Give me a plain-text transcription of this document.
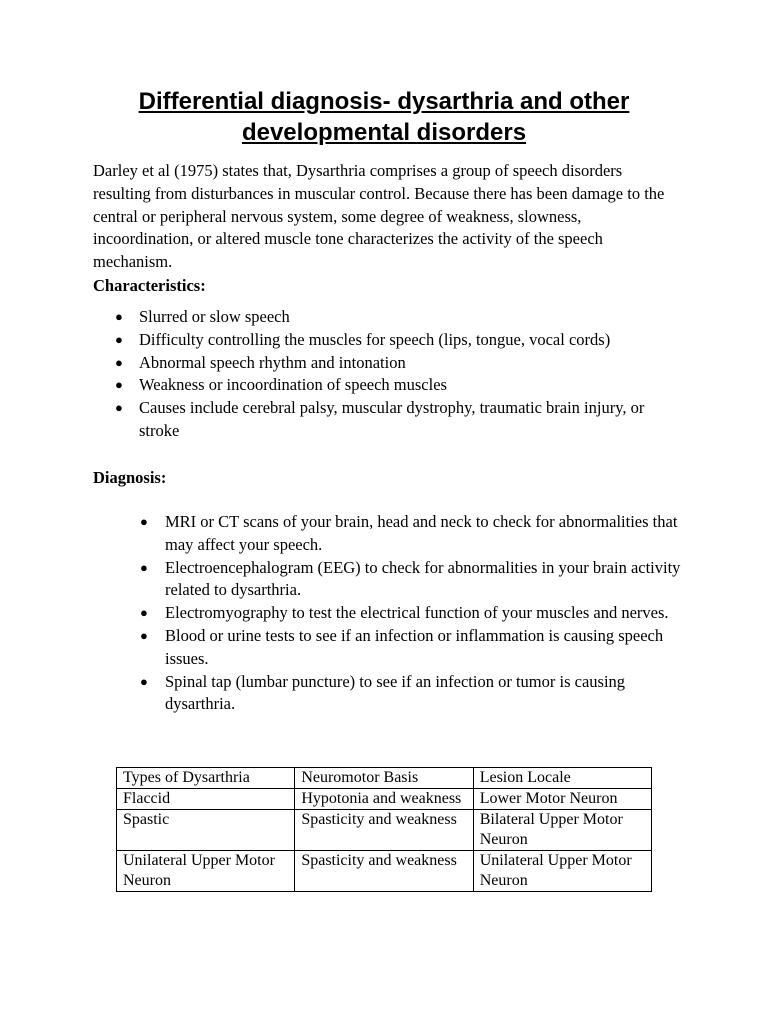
Differential diagnosis- dysarthria and other
developmental disorders

Darley et al (1975) states that, Dysarthria comprises a group of speech disorders resulting from disturbances in muscular control. Because there has been damage to the central or peripheral nervous system, some degree of weakness, slowness, incoordination, or altered muscle tone characterizes the activity of the speech mechanism.

Characteristics:

● Slurred or slow speech
● Difficulty controlling the muscles for speech (lips, tongue, vocal cords)
● Abnormal speech rhythm and intonation
● Weakness or incoordination of speech muscles
● Causes include cerebral palsy, muscular dystrophy, traumatic brain injury, or stroke

Diagnosis:

● MRI or CT scans of your brain, head and neck to check for abnormalities that may affect your speech.
● Electroencephalogram (EEG) to check for abnormalities in your brain activity related to dysarthria.
● Electromyography to test the electrical function of your muscles and nerves.
● Blood or urine tests to see if an infection or inflammation is causing speech issues.
● Spinal tap (lumbar puncture) to see if an infection or tumor is causing dysarthria.
Types of Dysarthria	Neuromotor Basis	Lesion Locale
Flaccid	Hypotonia and weakness	Lower Motor Neuron
Spastic	Spasticity and weakness	Bilateral Upper Motor Neuron
Unilateral Upper Motor Neuron	Spasticity and weakness	Unilateral Upper Motor Neuron
